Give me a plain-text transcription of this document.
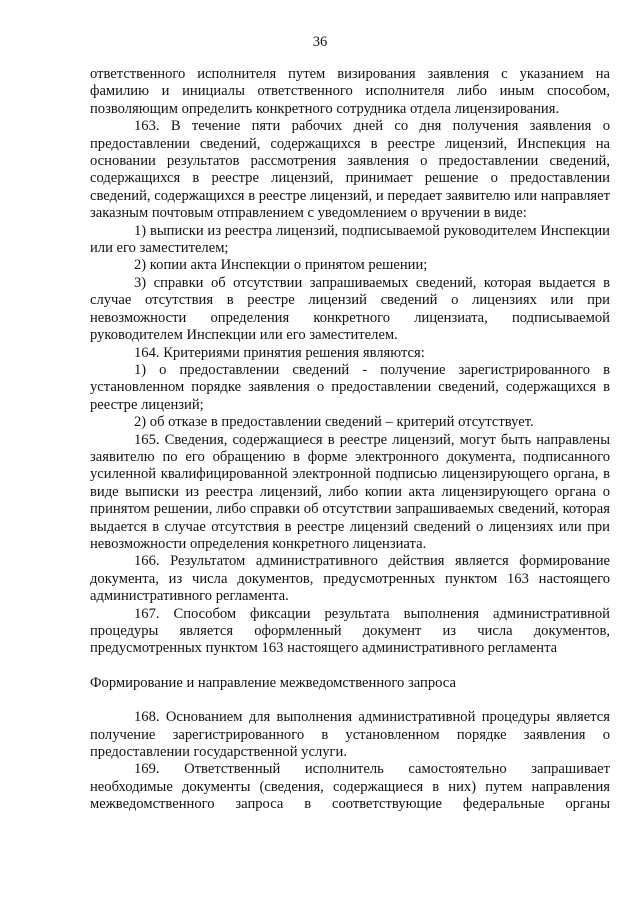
36

ответственного исполнителя путем визирования заявления с указанием на фамилию и инициалы ответственного исполнителя либо иным способом, позволяющим определить конкретного сотрудника отдела лицензирования.

163. В течение пяти рабочих дней со дня получения заявления о предоставлении сведений, содержащихся в реестре лицензий, Инспекция на основании результатов рассмотрения заявления о предоставлении сведений, содержащихся в реестре лицензий, принимает решение о предоставлении сведений, содержащихся в реестре лицензий, и передает заявителю или направляет заказным почтовым отправлением с уведомлением о вручении в виде:

1) выписки из реестра лицензий, подписываемой руководителем Инспекции или его заместителем;

2) копии акта Инспекции о принятом решении;

3) справки об отсутствии запрашиваемых сведений, которая выдается в случае отсутствия в реестре лицензий сведений о лицензиях или при невозможности определения конкретного лицензиата, подписываемой руководителем Инспекции или его заместителем.

164. Критериями принятия решения являются:

1) о предоставлении сведений - получение зарегистрированного в установленном порядке заявления о предоставлении сведений, содержащихся в реестре лицензий;

2) об отказе в предоставлении сведений – критерий отсутствует.

165. Сведения, содержащиеся в реестре лицензий, могут быть направлены заявителю по его обращению в форме электронного документа, подписанного усиленной квалифицированной электронной подписью лицензирующего органа, в виде выписки из реестра лицензий, либо копии акта лицензирующего органа о принятом решении, либо справки об отсутствии запрашиваемых сведений, которая выдается в случае отсутствия в реестре лицензий сведений о лицензиях или при невозможности определения конкретного лицензиата.

166. Результатом административного действия является формирование документа, из числа документов, предусмотренных пунктом 163 настоящего административного регламента.

167. Способом фиксации результата выполнения административной процедуры является оформленный документ из числа документов, предусмотренных пунктом 163 настоящего административного регламента

Формирование и направление межведомственного запроса

168. Основанием для выполнения административной процедуры является получение зарегистрированного в установленном порядке заявления о предоставлении государственной услуги.

169. Ответственный исполнитель самостоятельно запрашивает необходимые документы (сведения, содержащиеся в них) путем направления межведомственного запроса в соответствующие федеральные органы
